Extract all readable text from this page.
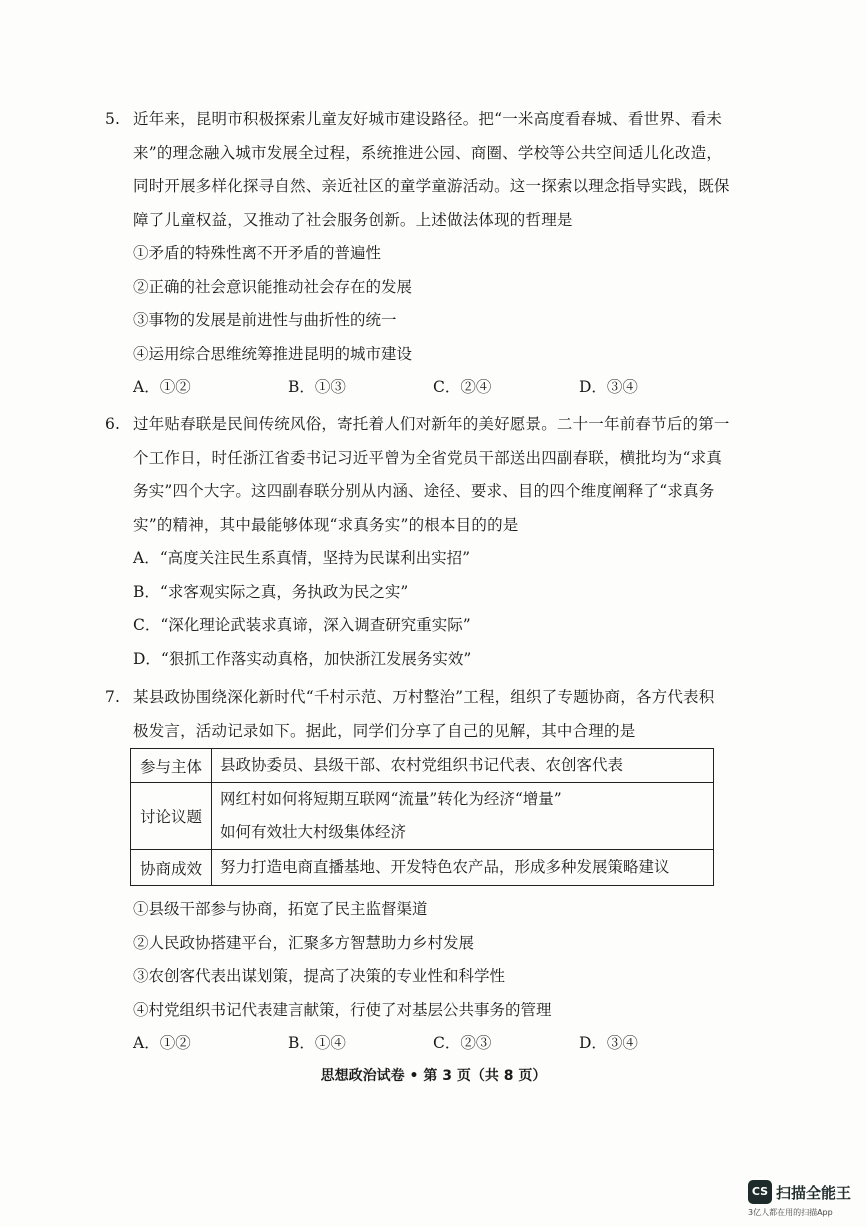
5. 近年来，昆明市积极探索儿童友好城市建设路径。把“一米高度看春城、看世界、看未
来”的理念融入城市发展全过程，系统推进公园、商圈、学校等公共空间适儿化改造，
同时开展多样化探寻自然、亲近社区的童学童游活动。这一探索以理念指导实践，既保
障了儿童权益，又推动了社会服务创新。上述做法体现的哲理是
①矛盾的特殊性离不开矛盾的普遍性
②正确的社会意识能推动社会存在的发展
③事物的发展是前进性与曲折性的统一
④运用综合思维统筹推进昆明的城市建设
A．①②	B．①③	C．②④	D．③④
6. 过年贴春联是民间传统风俗，寄托着人们对新年的美好愿景。二十一年前春节后的第一
个工作日，时任浙江省委书记习近平曾为全省党员干部送出四副春联，横批均为“求真
务实”四个大字。这四副春联分别从内涵、途径、要求、目的四个维度阐释了“求真务
实”的精神，其中最能够体现“求真务实”的根本目的的是
A．“高度关注民生系真情，坚持为民谋利出实招”
B．“求客观实际之真，务执政为民之实”
C．“深化理论武装求真谛，深入调查研究重实际”
D．“狠抓工作落实动真格，加快浙江发展务实效”
7. 某县政协围绕深化新时代“千村示范、万村整治”工程，组织了专题协商，各方代表积
极发言，活动记录如下。据此，同学们分享了自己的见解，其中合理的是
参与主体	县政协委员、县级干部、农村党组织书记代表、农创客代表

讨论议题	网红村如何将短期互联网“流量”转化为经济“增量”
如何有效壮大村级集体经济

协商成效	努力打造电商直播基地、开发特色农产品，形成多种发展策略建议
①县级干部参与协商，拓宽了民主监督渠道
②人民政协搭建平台，汇聚多方智慧助力乡村发展
③农创客代表出谋划策，提高了决策的专业性和科学性
④村党组织书记代表建言献策，行使了对基层公共事务的管理
A．①②	B．①④	C．②③	D．③④
思想政治试卷 • 第 3 页（共 8 页）
CS 扫描全能王
3亿人都在用的扫描App
